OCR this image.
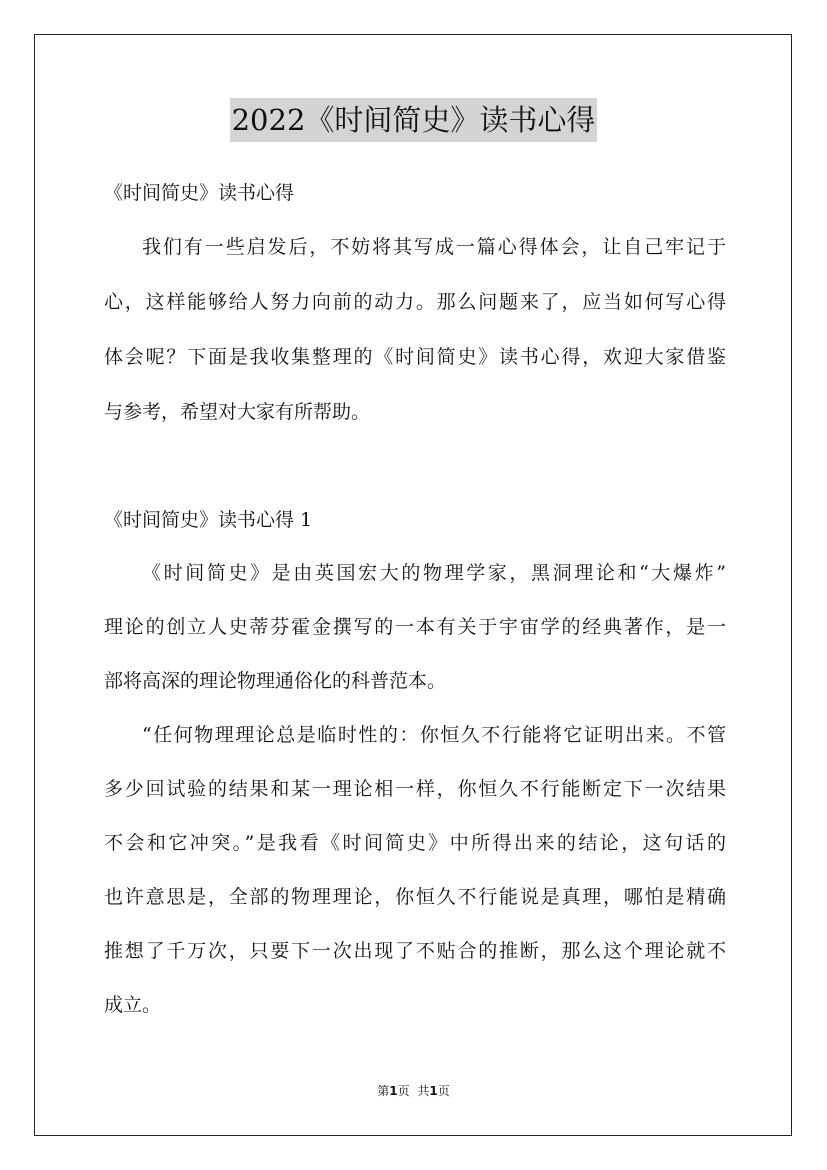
2022《时间简史》读书心得
《时间简史》读书心得
我们有一些启发后，不妨将其写成一篇心得体会，让自己牢记于
心，这样能够给人努力向前的动力。那么问题来了，应当如何写心得
体会呢？下面是我收集整理的《时间简史》读书心得，欢迎大家借鉴
与参考，希望对大家有所帮助。
《时间简史》读书心得 1
《时间简史》是由英国宏大的物理学家，黑洞理论和“大爆炸”
理论的创立人史蒂芬霍金撰写的一本有关于宇宙学的经典著作，是一
部将高深的理论物理通俗化的科普范本。
“任何物理理论总是临时性的：你恒久不行能将它证明出来。不管
多少回试验的结果和某一理论相一样，你恒久不行能断定下一次结果
不会和它冲突。”是我看《时间简史》中所得出来的结论，这句话的
也许意思是，全部的物理理论，你恒久不行能说是真理，哪怕是精确
推想了千万次，只要下一次出现了不贴合的推断，那么这个理论就不
成立。
第1页 共1页
